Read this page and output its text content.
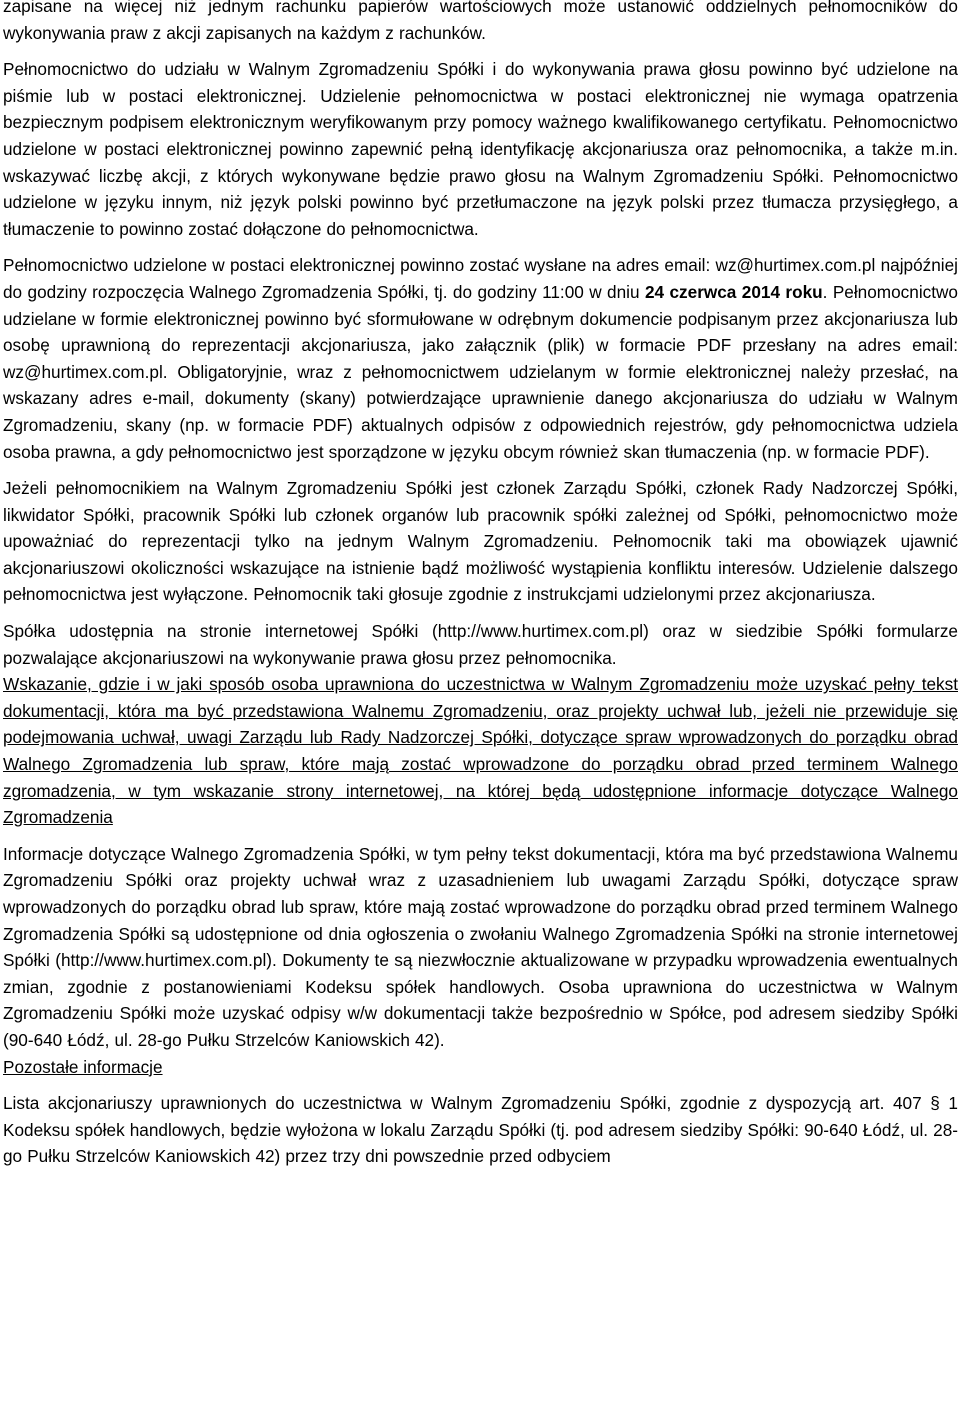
zapisane na więcej niż jednym rachunku papierów wartościowych może ustanowić oddzielnych pełnomocników do wykonywania praw z akcji zapisanych na każdym z rachunków.

Pełnomocnictwo do udziału w Walnym Zgromadzeniu Spółki i do wykonywania prawa głosu powinno być udzielone na piśmie lub w postaci elektronicznej. Udzielenie pełnomocnictwa w postaci elektronicznej nie wymaga opatrzenia bezpiecznym podpisem elektronicznym weryfikowanym przy pomocy ważnego kwalifikowanego certyfikatu. Pełnomocnictwo udzielone w postaci elektronicznej powinno zapewnić pełną identyfikację akcjonariusza oraz pełnomocnika, a także m.in. wskazywać liczbę akcji, z których wykonywane będzie prawo głosu na Walnym Zgromadzeniu Spółki. Pełnomocnictwo udzielone w języku innym, niż język polski powinno być przetłumaczone na język polski przez tłumacza przysięgłego, a tłumaczenie to powinno zostać dołączone do pełnomocnictwa.

Pełnomocnictwo udzielone w postaci elektronicznej powinno zostać wysłane na adres email: wz@hurtimex.com.pl najpóźniej do godziny rozpoczęcia Walnego Zgromadzenia Spółki, tj. do godziny 11:00 w dniu 24 czerwca 2014 roku. Pełnomocnictwo udzielane w formie elektronicznej powinno być sformułowane w odrębnym dokumencie podpisanym przez akcjonariusza lub osobę uprawnioną do reprezentacji akcjonariusza, jako załącznik (plik) w formacie PDF przesłany na adres email: wz@hurtimex.com.pl. Obligatoryjnie, wraz z pełnomocnictwem udzielanym w formie elektronicznej należy przesłać, na wskazany adres e-mail, dokumenty (skany) potwierdzające uprawnienie danego akcjonariusza do udziału w Walnym Zgromadzeniu, skany (np. w formacie PDF) aktualnych odpisów z odpowiednich rejestrów, gdy pełnomocnictwa udziela osoba prawna, a gdy pełnomocnictwo jest sporządzone w języku obcym również skan tłumaczenia (np. w formacie PDF).

Jeżeli pełnomocnikiem na Walnym Zgromadzeniu Spółki jest członek Zarządu Spółki, członek Rady Nadzorczej Spółki, likwidator Spółki, pracownik Spółki lub członek organów lub pracownik spółki zależnej od Spółki, pełnomocnictwo może upoważniać do reprezentacji tylko na jednym Walnym Zgromadzeniu. Pełnomocnik taki ma obowiązek ujawnić akcjonariuszowi okoliczności wskazujące na istnienie bądź możliwość wystąpienia konfliktu interesów. Udzielenie dalszego pełnomocnictwa jest wyłączone. Pełnomocnik taki głosuje zgodnie z instrukcjami udzielonymi przez akcjonariusza.

Spółka udostępnia na stronie internetowej Spółki (http://www.hurtimex.com.pl) oraz w siedzibie Spółki formularze pozwalające akcjonariuszowi na wykonywanie prawa głosu przez pełnomocnika.

Wskazanie, gdzie i w jaki sposób osoba uprawniona do uczestnictwa w Walnym Zgromadzeniu może uzyskać pełny tekst dokumentacji, która ma być przedstawiona Walnemu Zgromadzeniu, oraz projekty uchwał lub, jeżeli nie przewiduje się podejmowania uchwał, uwagi Zarządu lub Rady Nadzorczej Spółki, dotyczące spraw wprowadzonych do porządku obrad Walnego Zgromadzenia lub spraw, które mają zostać wprowadzone do porządku obrad przed terminem Walnego zgromadzenia, w tym wskazanie strony internetowej, na której będą udostępnione informacje dotyczące Walnego Zgromadzenia

Informacje dotyczące Walnego Zgromadzenia Spółki, w tym pełny tekst dokumentacji, która ma być przedstawiona Walnemu Zgromadzeniu Spółki oraz projekty uchwał wraz z uzasadnieniem lub uwagami Zarządu Spółki, dotyczące spraw wprowadzonych do porządku obrad lub spraw, które mają zostać wprowadzone do porządku obrad przed terminem Walnego Zgromadzenia Spółki są udostępnione od dnia ogłoszenia o zwołaniu Walnego Zgromadzenia Spółki na stronie internetowej Spółki (http://www.hurtimex.com.pl). Dokumenty te są niezwłocznie aktualizowane w przypadku wprowadzenia ewentualnych zmian, zgodnie z postanowieniami Kodeksu spółek handlowych. Osoba uprawniona do uczestnictwa w Walnym Zgromadzeniu Spółki może uzyskać odpisy w/w dokumentacji także bezpośrednio w Spółce, pod adresem siedziby Spółki (90-640 Łódź, ul. 28-go Pułku Strzelców Kaniowskich 42).

Pozostałe informacje

Lista akcjonariuszy uprawnionych do uczestnictwa w Walnym Zgromadzeniu Spółki, zgodnie z dyspozycją art. 407 § 1 Kodeksu spółek handlowych, będzie wyłożona w lokalu Zarządu Spółki (tj. pod adresem siedziby Spółki: 90-640 Łódź, ul. 28-go Pułku Strzelców Kaniowskich 42) przez trzy dni powszednie przed odbyciem
